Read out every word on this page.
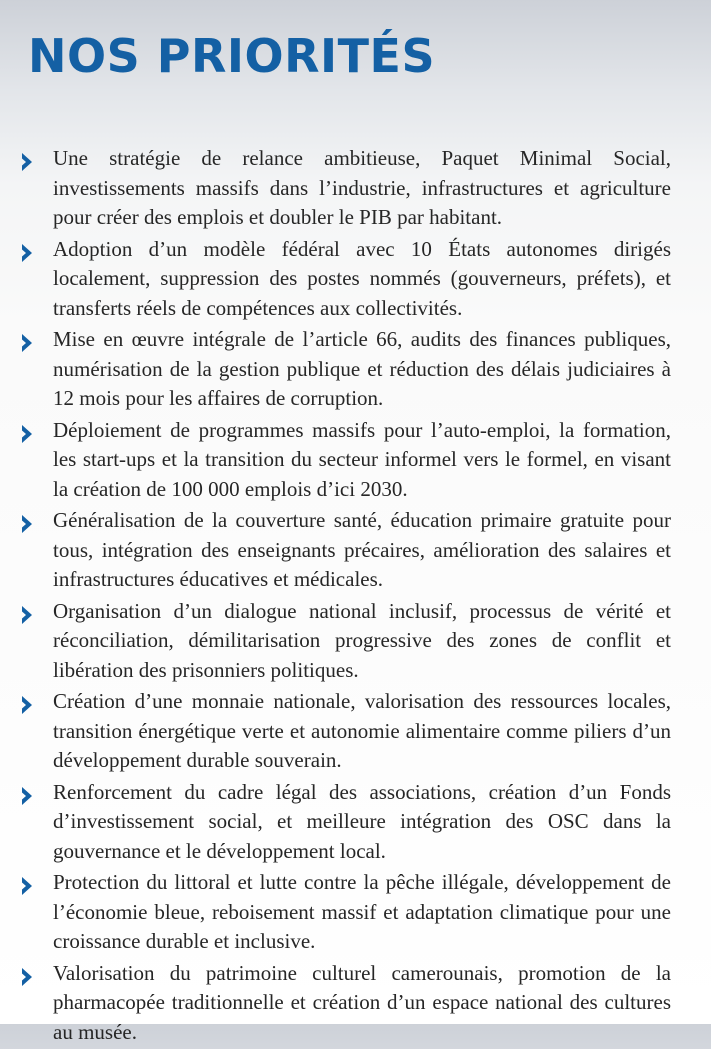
NOS PRIORITÉS
Une stratégie de relance ambitieuse, Paquet Minimal Social, investissements massifs dans l’industrie, infrastructures et agriculture pour créer des emplois et doubler le PIB par habitant.
Adoption d’un modèle fédéral avec 10 États autonomes dirigés localement, suppression des postes nommés (gouverneurs, préfets), et transferts réels de compétences aux collectivités.
Mise en œuvre intégrale de l’article 66, audits des finances publiques, numérisation de la gestion publique et réduction des délais judiciaires à 12 mois pour les affaires de corruption.
Déploiement de programmes massifs pour l’auto-emploi, la formation, les start-ups et la transition du secteur informel vers le formel, en visant la création de 100 000 emplois d’ici 2030.
Généralisation de la couverture santé, éducation primaire gratuite pour tous, intégration des enseignants précaires, amélioration des salaires et infrastructures éducatives et médicales.
Organisation d’un dialogue national inclusif, processus de vérité et réconciliation, démilitarisation progressive des zones de conflit et libération des prisonniers politiques.
Création d’une monnaie nationale, valorisation des ressources locales, transition énergétique verte et autonomie alimentaire comme piliers d’un développement durable souverain.
Renforcement du cadre légal des associations, création d’un Fonds d’investissement social, et meilleure intégration des OSC dans la gouvernance et le développement local.
Protection du littoral et lutte contre la pêche illégale, développement de l’économie bleue, reboisement massif et adaptation climatique pour une croissance durable et inclusive.
Valorisation du patrimoine culturel camerounais, promotion de la pharmacopée traditionnelle et création d’un espace national des cultures au musée.
